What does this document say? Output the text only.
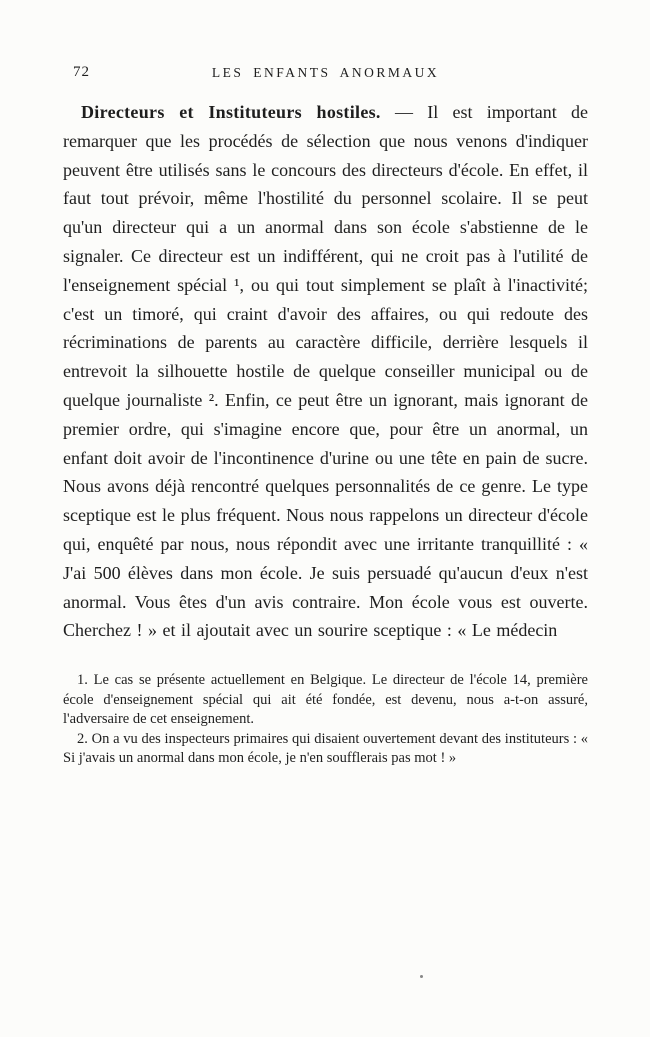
72	LES ENFANTS ANORMAUX

Directeurs et Instituteurs hostiles. — Il est important de remarquer que les procédés de sélection que nous venons d'indiquer peuvent être utilisés sans le concours des directeurs d'école. En effet, il faut tout prévoir, même l'hostilité du personnel scolaire. Il se peut qu'un directeur qui a un anormal dans son école s'abstienne de le signaler. Ce directeur est un indifférent, qui ne croit pas à l'utilité de l'enseignement spécial ¹, ou qui tout simplement se plaît à l'inactivité; c'est un timoré, qui craint d'avoir des affaires, ou qui redoute des récriminations de parents au caractère difficile, derrière lesquels il entrevoit la silhouette hostile de quelque conseiller municipal ou de quelque journaliste ². Enfin, ce peut être un ignorant, mais ignorant de premier ordre, qui s'imagine encore que, pour être un anormal, un enfant doit avoir de l'incontinence d'urine ou une tête en pain de sucre. Nous avons déjà rencontré quelques personnalités de ce genre. Le type sceptique est le plus fréquent. Nous nous rappelons un directeur d'école qui, enquêté par nous, nous répondit avec une irritante tranquillité : « J'ai 500 élèves dans mon école. Je suis persuadé qu'aucun d'eux n'est anormal. Vous êtes d'un avis contraire. Mon école vous est ouverte. Cherchez ! » et il ajoutait avec un sourire sceptique : « Le médecin

1. Le cas se présente actuellement en Belgique. Le directeur de l'école 14, première école d'enseignement spécial qui ait été fondée, est devenu, nous a-t-on assuré, l'adversaire de cet enseignement.

2. On a vu des inspecteurs primaires qui disaient ouvertement devant des instituteurs : « Si j'avais un anormal dans mon école, je n'en soufflerais pas mot ! »
